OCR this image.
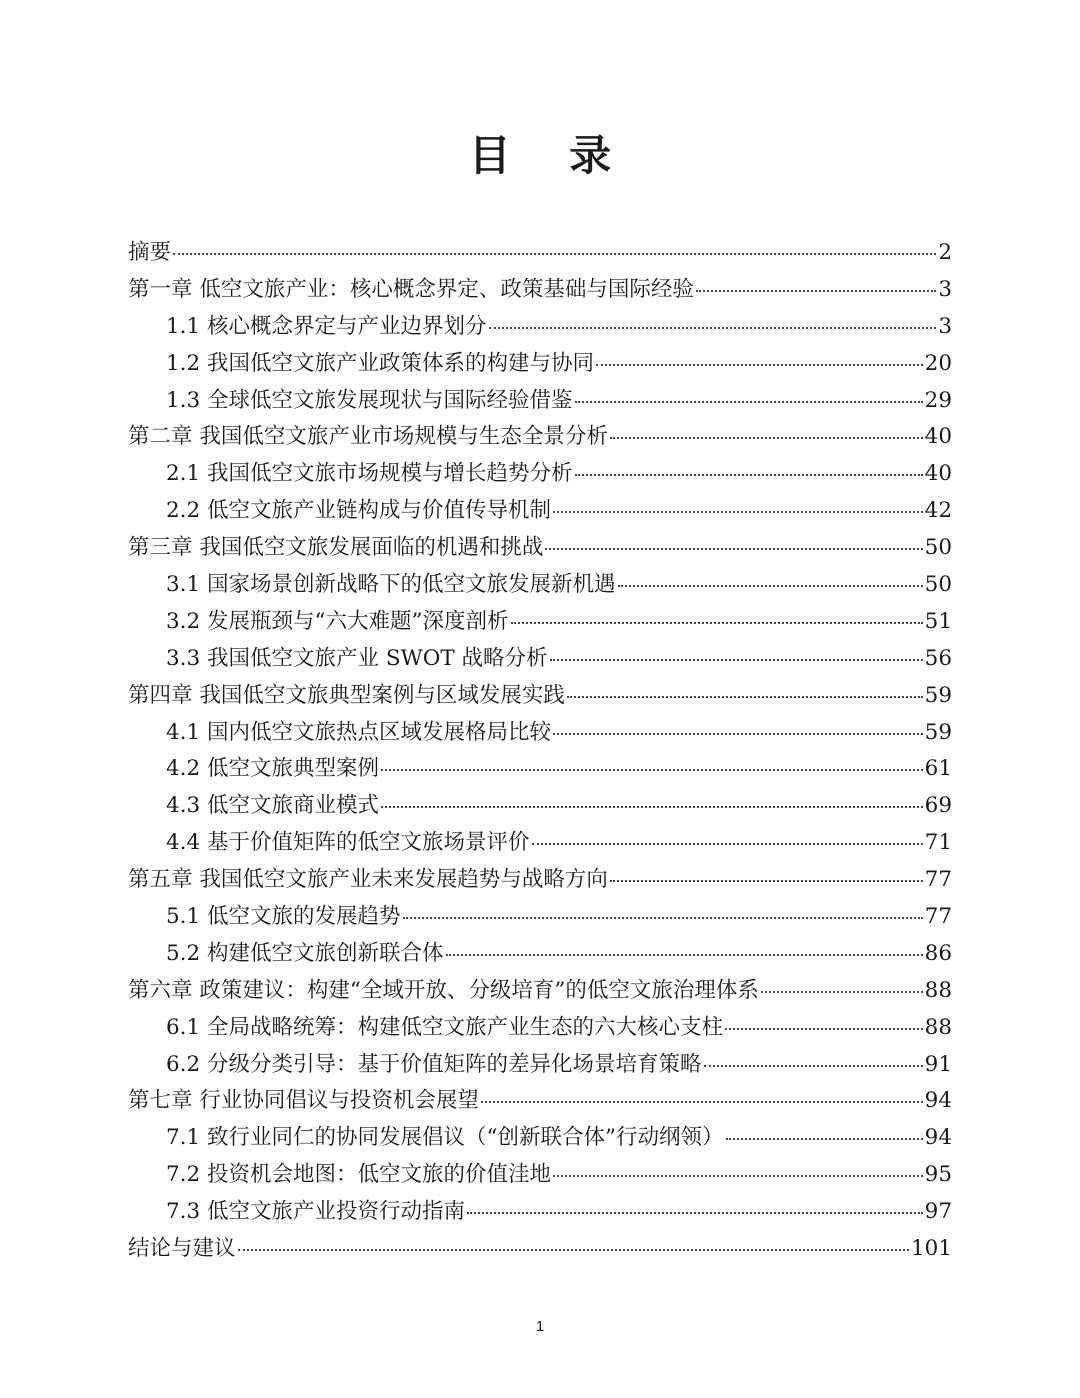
目 录
摘要	2
第一章 低空文旅产业：核心概念界定、政策基础与国际经验	3
1.1 核心概念界定与产业边界划分	3
1.2 我国低空文旅产业政策体系的构建与协同	20
1.3 全球低空文旅发展现状与国际经验借鉴	29
第二章 我国低空文旅产业市场规模与生态全景分析	40
2.1 我国低空文旅市场规模与增长趋势分析	40
2.2 低空文旅产业链构成与价值传导机制	42
第三章 我国低空文旅发展面临的机遇和挑战	50
3.1 国家场景创新战略下的低空文旅发展新机遇	50
3.2 发展瓶颈与“六大难题”深度剖析	51
3.3 我国低空文旅产业 SWOT 战略分析	56
第四章 我国低空文旅典型案例与区域发展实践	59
4.1 国内低空文旅热点区域发展格局比较	59
4.2 低空文旅典型案例	61
4.3 低空文旅商业模式	69
4.4 基于价值矩阵的低空文旅场景评价	71
第五章 我国低空文旅产业未来发展趋势与战略方向	77
5.1 低空文旅的发展趋势	77
5.2 构建低空文旅创新联合体	86
第六章 政策建议：构建“全域开放、分级培育”的低空文旅治理体系	88
6.1 全局战略统筹：构建低空文旅产业生态的六大核心支柱	88
6.2 分级分类引导：基于价值矩阵的差异化场景培育策略	91
第七章 行业协同倡议与投资机会展望	94
7.1 致行业同仁的协同发展倡议（“创新联合体”行动纲领）	94
7.2 投资机会地图：低空文旅的价值洼地	95
7.3 低空文旅产业投资行动指南	97
结论与建议	101
1
